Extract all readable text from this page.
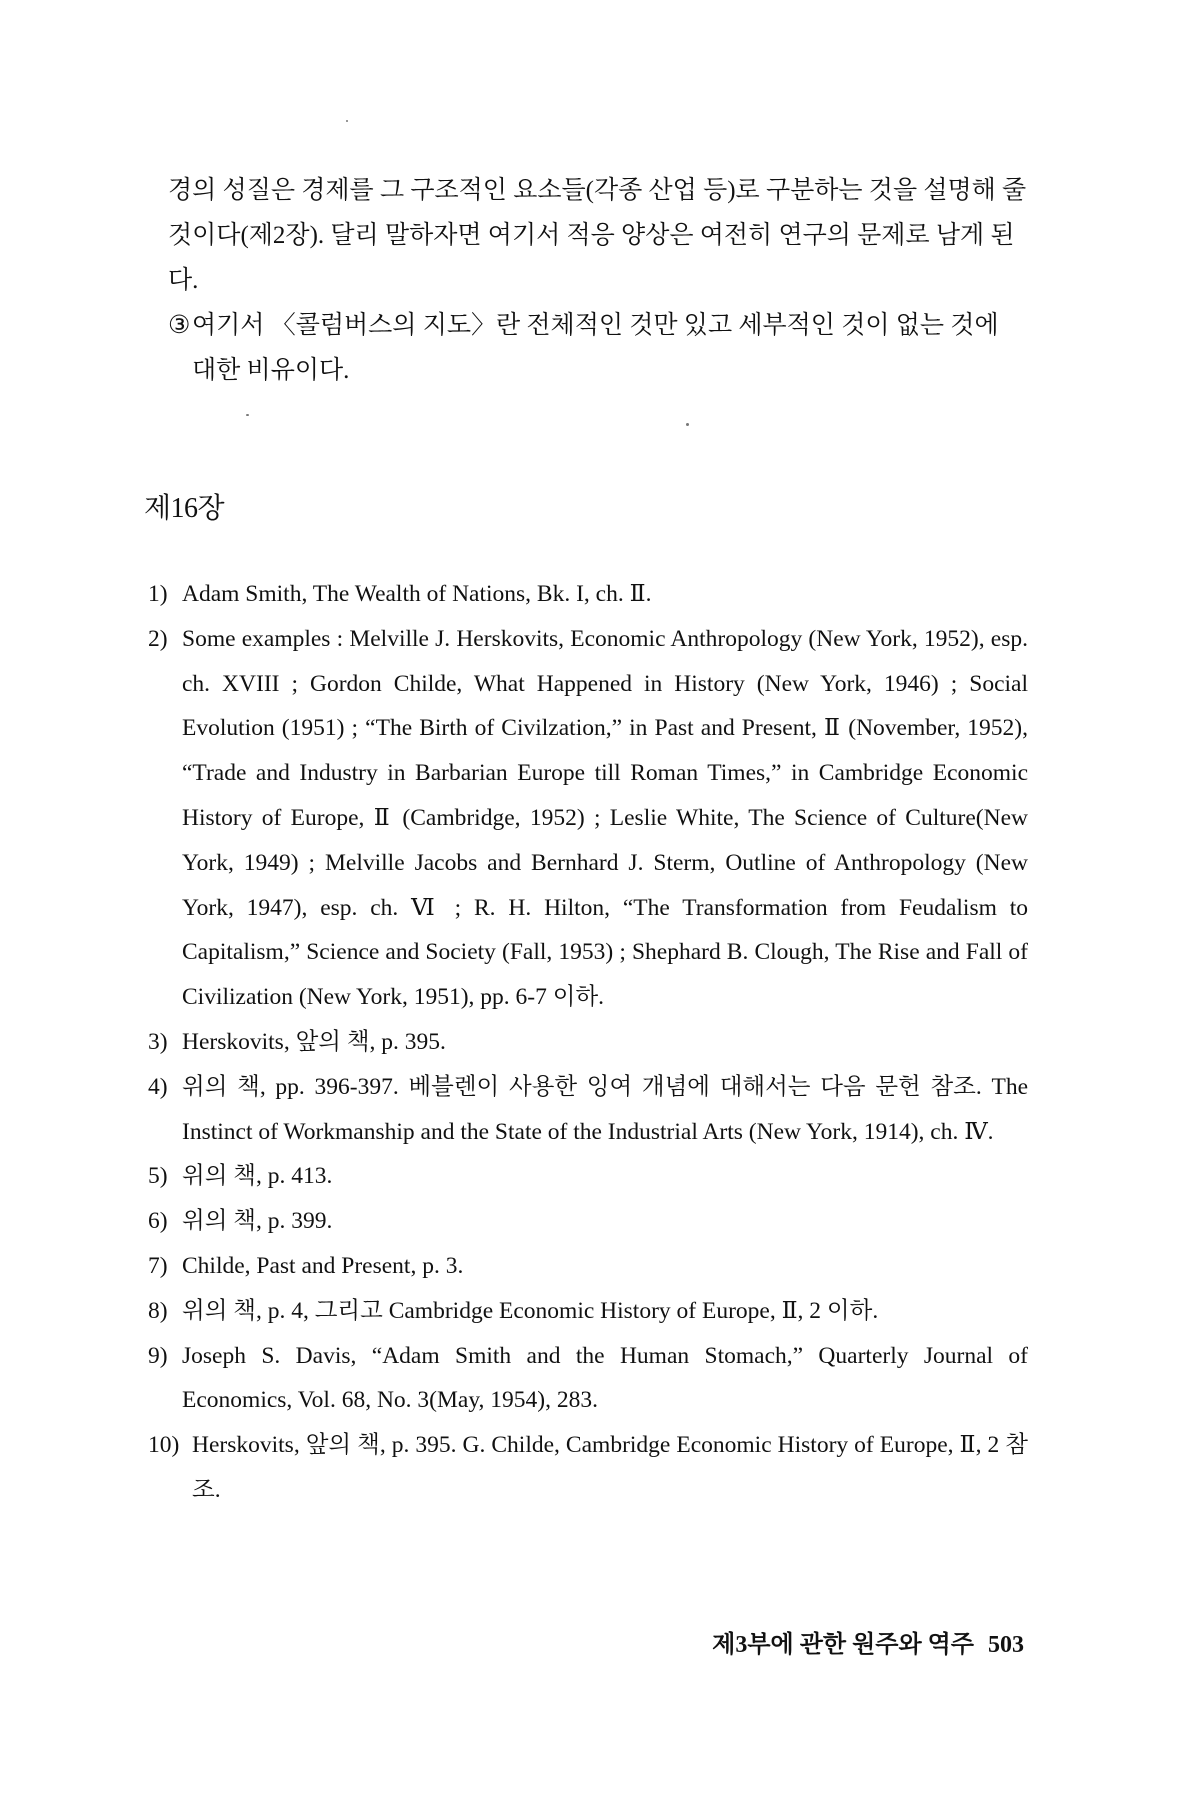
경의 성질은 경제를 그 구조적인 요소들(각종 산업 등)로 구분하는 것을 설명해 줄 것이다(제2장). 달리 말하자면 여기서 적응 양상은 여전히 연구의 문제로 남게 된다.

③여기서 〈콜럼버스의 지도〉란 전체적인 것만 있고 세부적인 것이 없는 것에 대한 비유이다.

제16장
1) Adam Smith, The Wealth of Nations, Bk. I, ch. Ⅱ.
2) Some examples : Melville J. Herskovits, Economic Anthropology (New York, 1952), esp. ch. XVIII ; Gordon Childe, What Happened in History (New York, 1946) ; Social Evolution (1951) ; “The Birth of Civilzation,” in Past and Present, Ⅱ (November, 1952), “Trade and Industry in Barbarian Europe till Roman Times,” in Cambridge Economic History of Europe, Ⅱ (Cambridge, 1952) ; Leslie White, The Science of Culture(New York, 1949) ; Melville Jacobs and Bernhard J. Sterm, Outline of Anthropology (New York, 1947), esp. ch. Ⅵ ; R. H. Hilton, “The Transformation from Feudalism to Capitalism,” Science and Society (Fall, 1953) ; Shephard B. Clough, The Rise and Fall of Civilization (New York, 1951), pp. 6-7 이하.
3) Herskovits, 앞의 책, p. 395.
4) 위의 책, pp. 396-397. 베블렌이 사용한 잉여 개념에 대해서는 다음 문헌 참조. The Instinct of Workmanship and the State of the Industrial Arts (New York, 1914), ch. Ⅳ.
5) 위의 책, p. 413.
6) 위의 책, p. 399.
7) Childe, Past and Present, p. 3.
8) 위의 책, p. 4, 그리고 Cambridge Economic History of Europe, Ⅱ, 2 이하.
9) Joseph S. Davis, “Adam Smith and the Human Stomach,” Quarterly Journal of Economics, Vol. 68, No. 3(May, 1954), 283.
10) Herskovits, 앞의 책, p. 395. G. Childe, Cambridge Economic History of Europe, Ⅱ, 2 참조.
제3부에 관한 원주와 역주 503
